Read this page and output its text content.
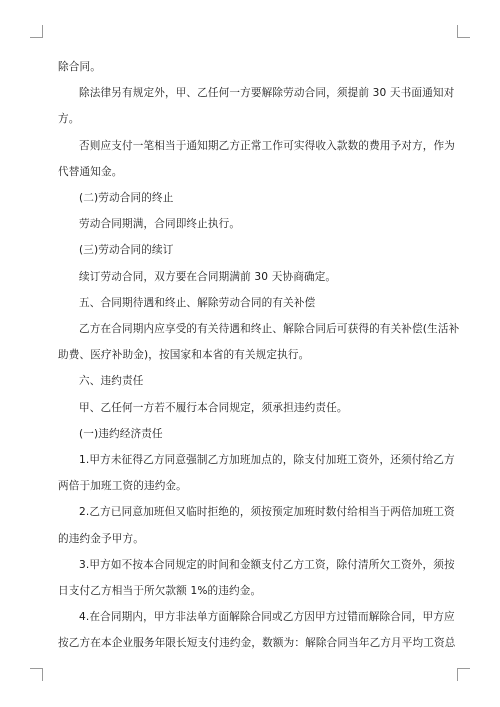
除合同。
除法律另有规定外，甲、乙任何一方要解除劳动合同，须提前 30 天书面通知对
方。
否则应支付一笔相当于通知期乙方正常工作可实得收入款数的费用予对方，作为
代替通知金。
(二)劳动合同的终止
劳动合同期满，合同即终止执行。
(三)劳动合同的续订
续订劳动合同，双方要在合同期满前 30 天协商确定。
五、合同期待遇和终止、解除劳动合同的有关补偿
乙方在合同期内应享受的有关待遇和终止、解除合同后可获得的有关补偿(生活补
助费、医疗补助金)，按国家和本省的有关规定执行。
六、违约责任
甲、乙任何一方若不履行本合同规定，须承担违约责任。
(一)违约经济责任
1.甲方未征得乙方同意强制乙方加班加点的，除支付加班工资外，还须付给乙方
两倍于加班工资的违约金。
2.乙方已同意加班但又临时拒绝的，须按预定加班时数付给相当于两倍加班工资
的违约金予甲方。
3.甲方如不按本合同规定的时间和金额支付乙方工资，除付清所欠工资外，须按
日支付乙方相当于所欠款额 1%的违约金。
4.在合同期内，甲方非法单方面解除合同或乙方因甲方过错而解除合同，甲方应
按乙方在本企业服务年限长短支付违约金，数额为：解除合同当年乙方月平均工资总
